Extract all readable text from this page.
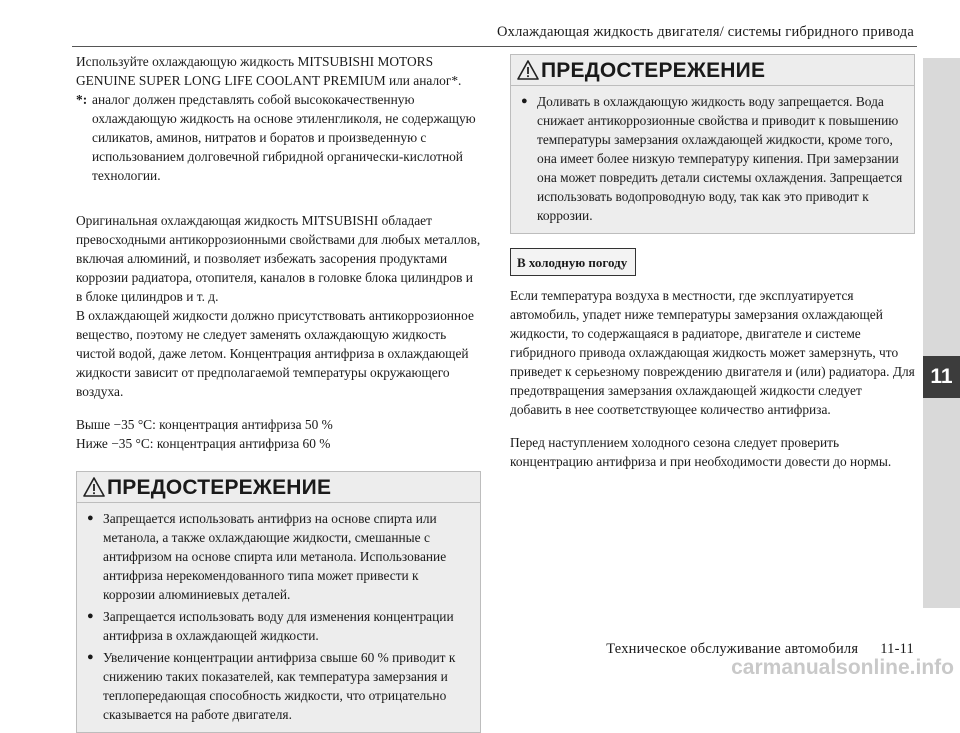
Охлаждающая жидкость двигателя/ системы гибридного привода
11

Используйте охлаждающую жидкость MITSUBISHI MOTORS GENUINE SUPER LONG LIFE COOLANT PREMIUM или аналог*.

*: аналог должен представлять собой высококачественную охлаждающую жидкость на основе этиленгликоля, не содержащую силикатов, аминов, нитратов и боратов и произведенную с использованием долговечной гибридной органически-кислотной технологии.

Оригинальная охлаждающая жидкость MITSUBISHI обладает превосходными антикоррозионными свойствами для любых металлов, включая алюминий, и позволяет избежать засорения продуктами коррозии радиатора, отопителя, каналов в головке блока цилиндров и в блоке цилиндров и т. д.

В охлаждающей жидкости должно присутствовать антикоррозионное вещество, поэтому не следует заменять охлаждающую жидкость чистой водой, даже летом. Концентрация антифриза в охлаждающей жидкости зависит от предполагаемой температуры окружающего воздуха.

Выше −35 °C: концентрация антифриза 50 %

Ниже −35 °C: концентрация антифриза 60 %

ПРЕДОСТЕРЕЖЕНИЕ
● Запрещается использовать антифриз на основе спирта или метанола, а также охлаждающие жидкости, смешанные с антифризом на основе спирта или метанола. Использование антифриза нерекомендованного типа может привести к коррозии алюминиевых деталей.
● Запрещается использовать воду для изменения концентрации антифриза в охлаждающей жидкости.
● Увеличение концентрации антифриза свыше 60 % приводит к снижению таких показателей, как температура замерзания и теплопередающая способность жидкости, что отрицательно сказывается на работе двигателя.
ПРЕДОСТЕРЕЖЕНИЕ
● Доливать в охлаждающую жидкость воду запрещается. Вода снижает антикоррозионные свойства и приводит к повышению температуры замерзания охлаждающей жидкости, кроме того, она имеет более низкую температуру кипения. При замерзании она может повредить детали системы охлаждения. Запрещается использовать водопроводную воду, так как это приводит к коррозии.
В холодную погоду

Если температура воздуха в местности, где эксплуатируется автомобиль, упадет ниже температуры замерзания охлаждающей жидкости, то содержащаяся в радиаторе, двигателе и системе гибридного привода охлаждающая жидкость может замерзнуть, что приведет к серьезному повреждению двигателя и (или) радиатора. Для предотвращения замерзания охлаждающей жидкости следует добавить в нее соответствующее количество антифриза.

Перед наступлением холодного сезона следует проверить концентрацию антифриза и при необходимости довести до нормы.

Техническое обслуживание автомобиля 11-11
carmanualsonline.info
